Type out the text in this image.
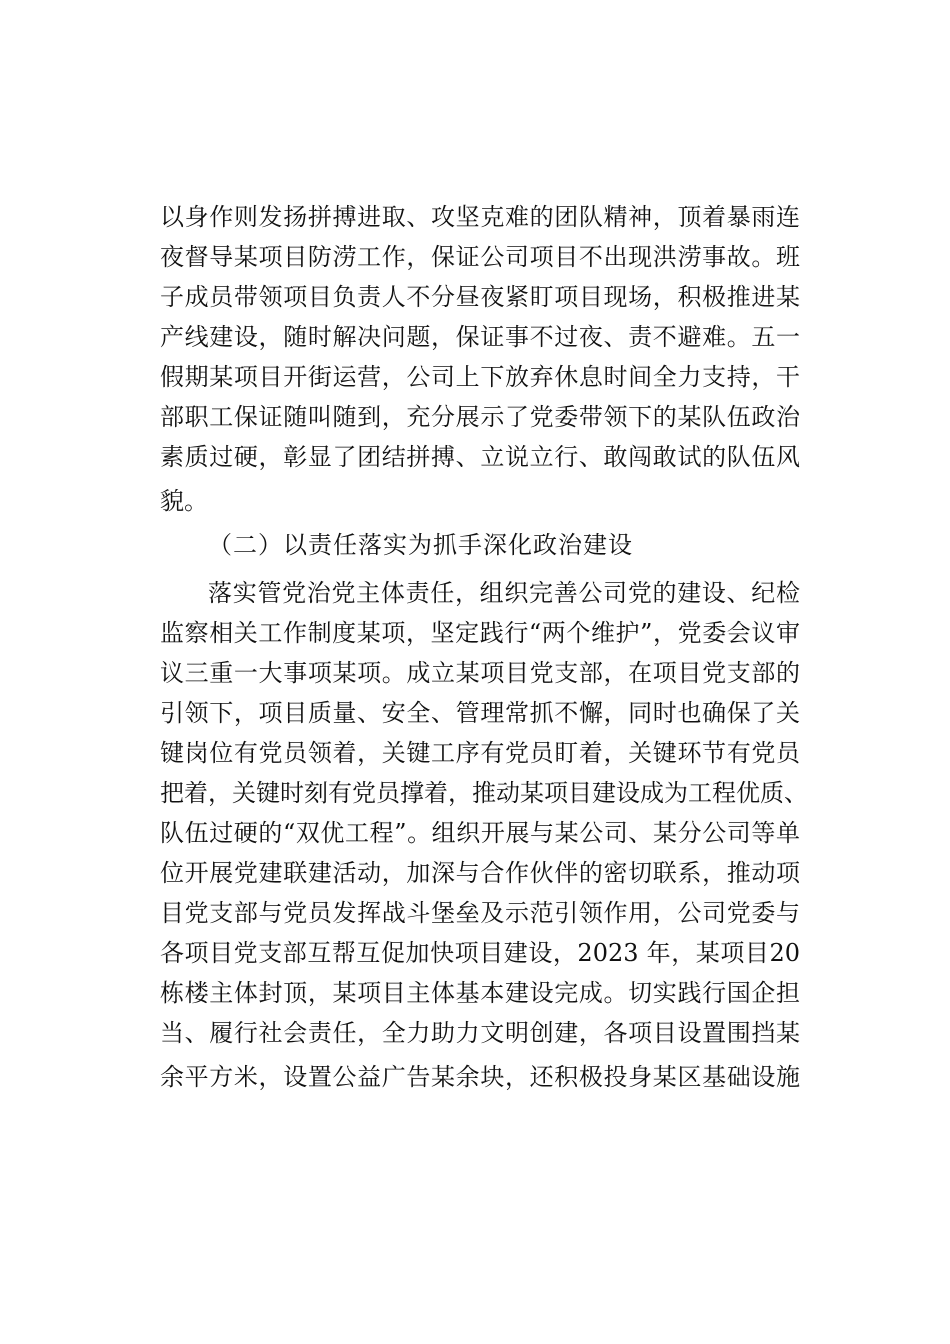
以身作则发扬拼搏进取、攻坚克难的团队精神，顶着暴雨连
夜督导某项目防涝工作，保证公司项目不出现洪涝事故。班
子成员带领项目负责人不分昼夜紧盯项目现场，积极推进某
产线建设，随时解决问题，保证事不过夜、责不避难。五一
假期某项目开街运营，公司上下放弃休息时间全力支持，干
部职工保证随叫随到，充分展示了党委带领下的某队伍政治
素质过硬，彰显了团结拼搏、立说立行、敢闯敢试的队伍风
貌。
（二）以责任落实为抓手深化政治建设
落实管党治党主体责任，组织完善公司党的建设、纪检
监察相关工作制度某项，坚定践行“两个维护”，党委会议审
议三重一大事项某项。成立某项目党支部，在项目党支部的
引领下，项目质量、安全、管理常抓不懈，同时也确保了关
键岗位有党员领着，关键工序有党员盯着，关键环节有党员
把着，关键时刻有党员撑着，推动某项目建设成为工程优质、
队伍过硬的“双优工程”。组织开展与某公司、某分公司等单
位开展党建联建活动，加深与合作伙伴的密切联系，推动项
目党支部与党员发挥战斗堡垒及示范引领作用，公司党委与
各项目党支部互帮互促加快项目建设，2023 年，某项目20
栋楼主体封顶，某项目主体基本建设完成。切实践行国企担
当、履行社会责任，全力助力文明创建，各项目设置围挡某
余平方米，设置公益广告某余块，还积极投身某区基础设施
